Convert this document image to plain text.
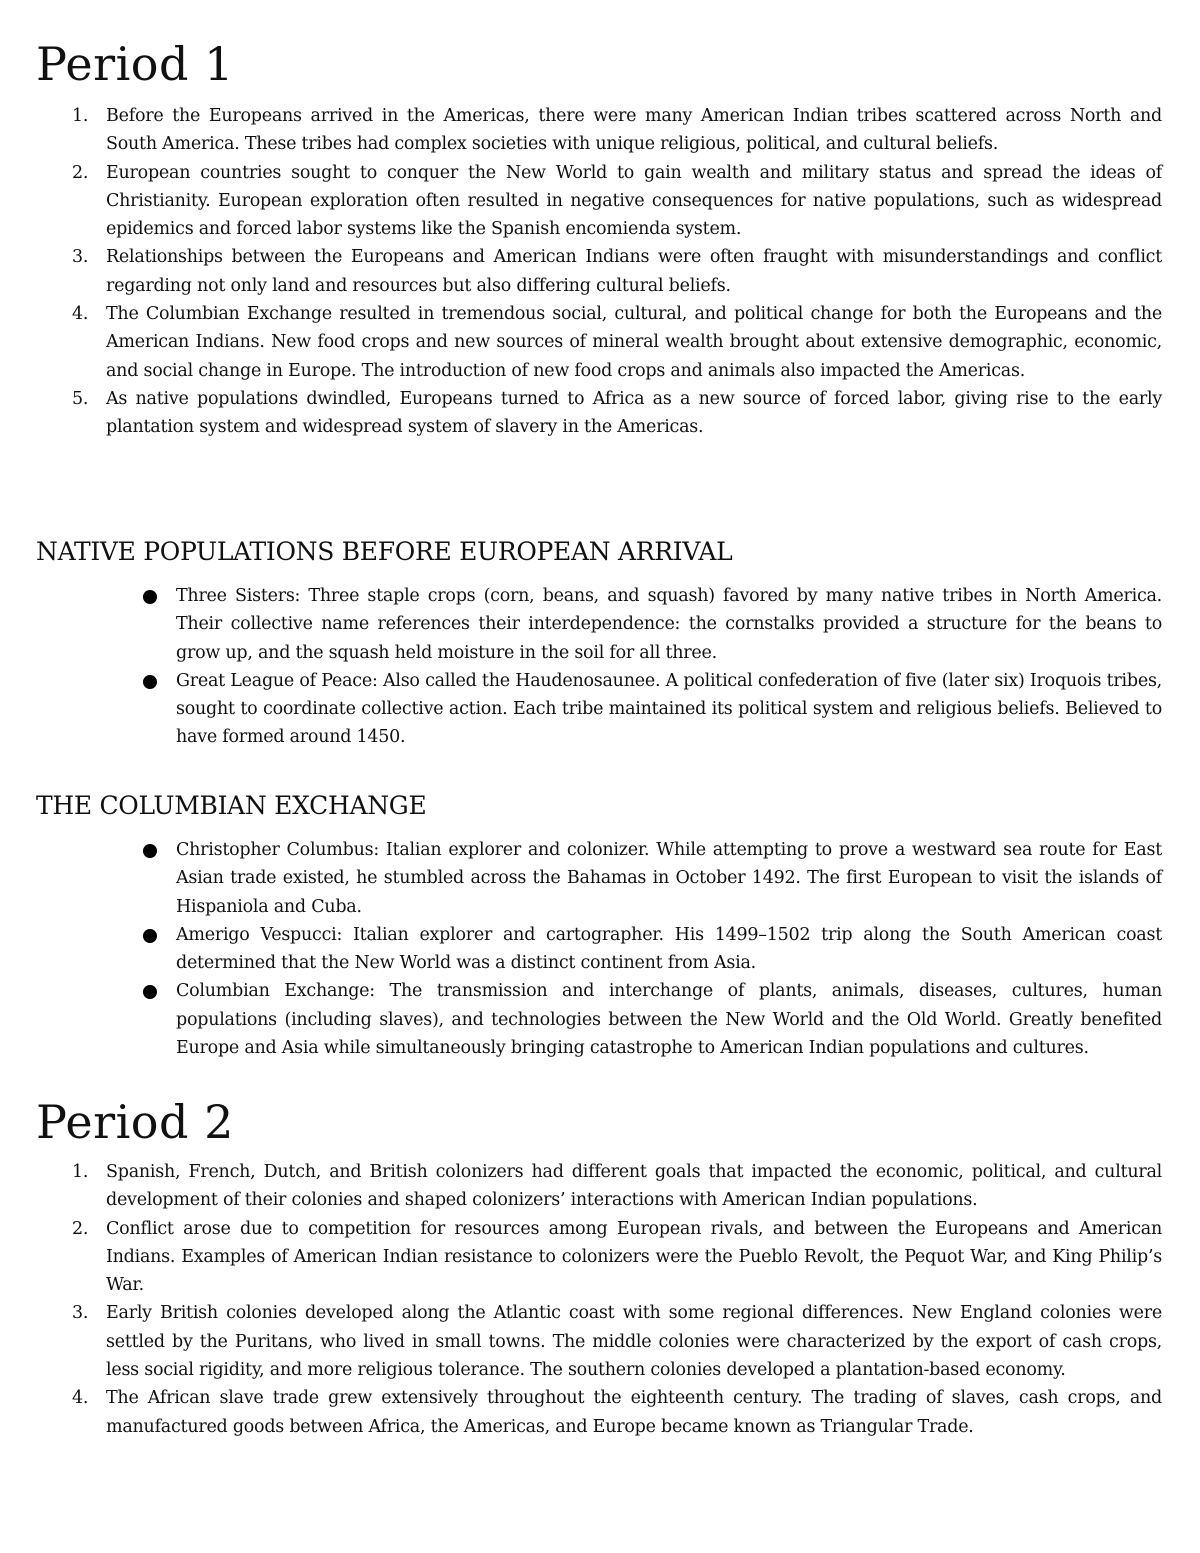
Period 1
1. Before the Europeans arrived in the Americas, there were many American Indian tribes scattered across North and South America. These tribes had complex societies with unique religious, political, and cultural beliefs.
2. European countries sought to conquer the New World to gain wealth and military status and spread the ideas of Christianity. European exploration often resulted in negative consequences for native populations, such as widespread epidemics and forced labor systems like the Spanish encomienda system.
3. Relationships between the Europeans and American Indians were often fraught with misunderstandings and conflict regarding not only land and resources but also differing cultural beliefs.
4. The Columbian Exchange resulted in tremendous social, cultural, and political change for both the Europeans and the American Indians. New food crops and new sources of mineral wealth brought about extensive demographic, economic, and social change in Europe. The introduction of new food crops and animals also impacted the Americas.
5. As native populations dwindled, Europeans turned to Africa as a new source of forced labor, giving rise to the early plantation system and widespread system of slavery in the Americas.
NATIVE POPULATIONS BEFORE EUROPEAN ARRIVAL
Three Sisters: Three staple crops (corn, beans, and squash) favored by many native tribes in North America. Their collective name references their interdependence: the cornstalks provided a structure for the beans to grow up, and the squash held moisture in the soil for all three.
Great League of Peace: Also called the Haudenosaunee. A political confederation of five (later six) Iroquois tribes, sought to coordinate collective action. Each tribe maintained its political system and religious beliefs. Believed to have formed around 1450.
THE COLUMBIAN EXCHANGE
Christopher Columbus: Italian explorer and colonizer. While attempting to prove a westward sea route for East Asian trade existed, he stumbled across the Bahamas in October 1492. The first European to visit the islands of Hispaniola and Cuba.
Amerigo Vespucci: Italian explorer and cartographer. His 1499–1502 trip along the South American coast determined that the New World was a distinct continent from Asia.
Columbian Exchange: The transmission and interchange of plants, animals, diseases, cultures, human populations (including slaves), and technologies between the New World and the Old World. Greatly benefited Europe and Asia while simultaneously bringing catastrophe to American Indian populations and cultures.
Period 2
1. Spanish, French, Dutch, and British colonizers had different goals that impacted the economic, political, and cultural development of their colonies and shaped colonizers’ interactions with American Indian populations.
2. Conflict arose due to competition for resources among European rivals, and between the Europeans and American Indians. Examples of American Indian resistance to colonizers were the Pueblo Revolt, the Pequot War, and King Philip’s War.
3. Early British colonies developed along the Atlantic coast with some regional differences. New England colonies were settled by the Puritans, who lived in small towns. The middle colonies were characterized by the export of cash crops, less social rigidity, and more religious tolerance. The southern colonies developed a plantation-based economy.
4. The African slave trade grew extensively throughout the eighteenth century. The trading of slaves, cash crops, and manufactured goods between Africa, the Americas, and Europe became known as Triangular Trade.
